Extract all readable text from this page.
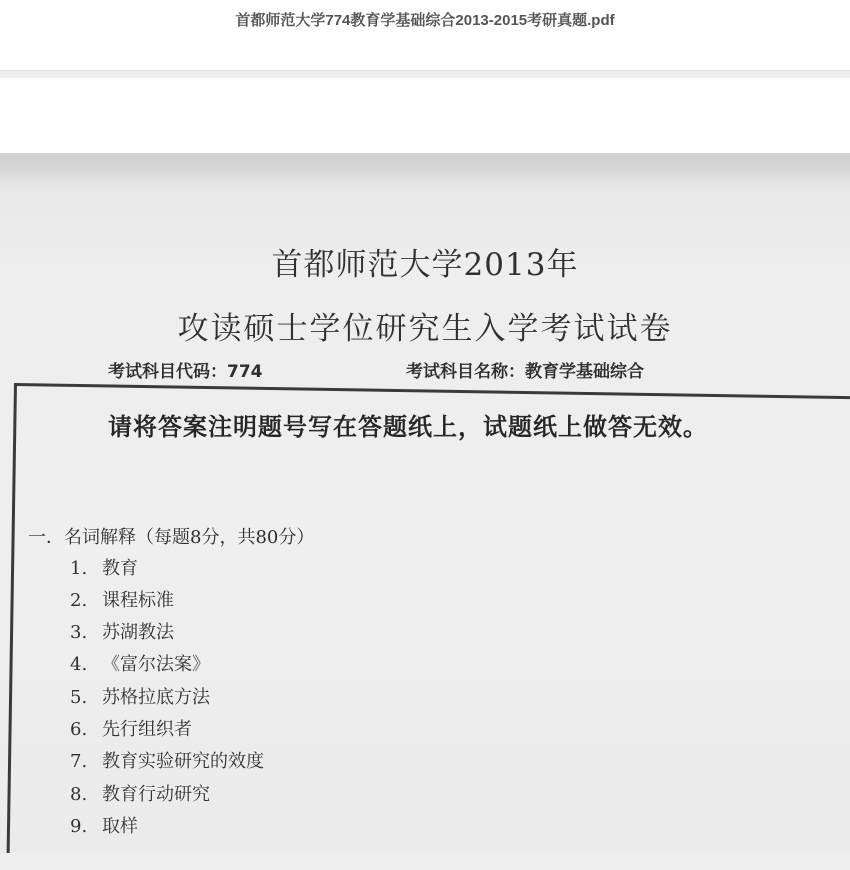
首都师范大学774教育学基础综合2013-2015考研真题.pdf
首都师范大学2013年
攻读硕士学位研究生入学考试试卷
考试科目代码：774	考试科目名称：教育学基础综合
请将答案注明题号写在答题纸上，试题纸上做答无效。
一．名词解释（每题8分，共80分）
1. 教育
2. 课程标准
3. 苏湖教法
4. 《富尔法案》
5. 苏格拉底方法
6. 先行组织者
7. 教育实验研究的效度
8. 教育行动研究
9. 取样
